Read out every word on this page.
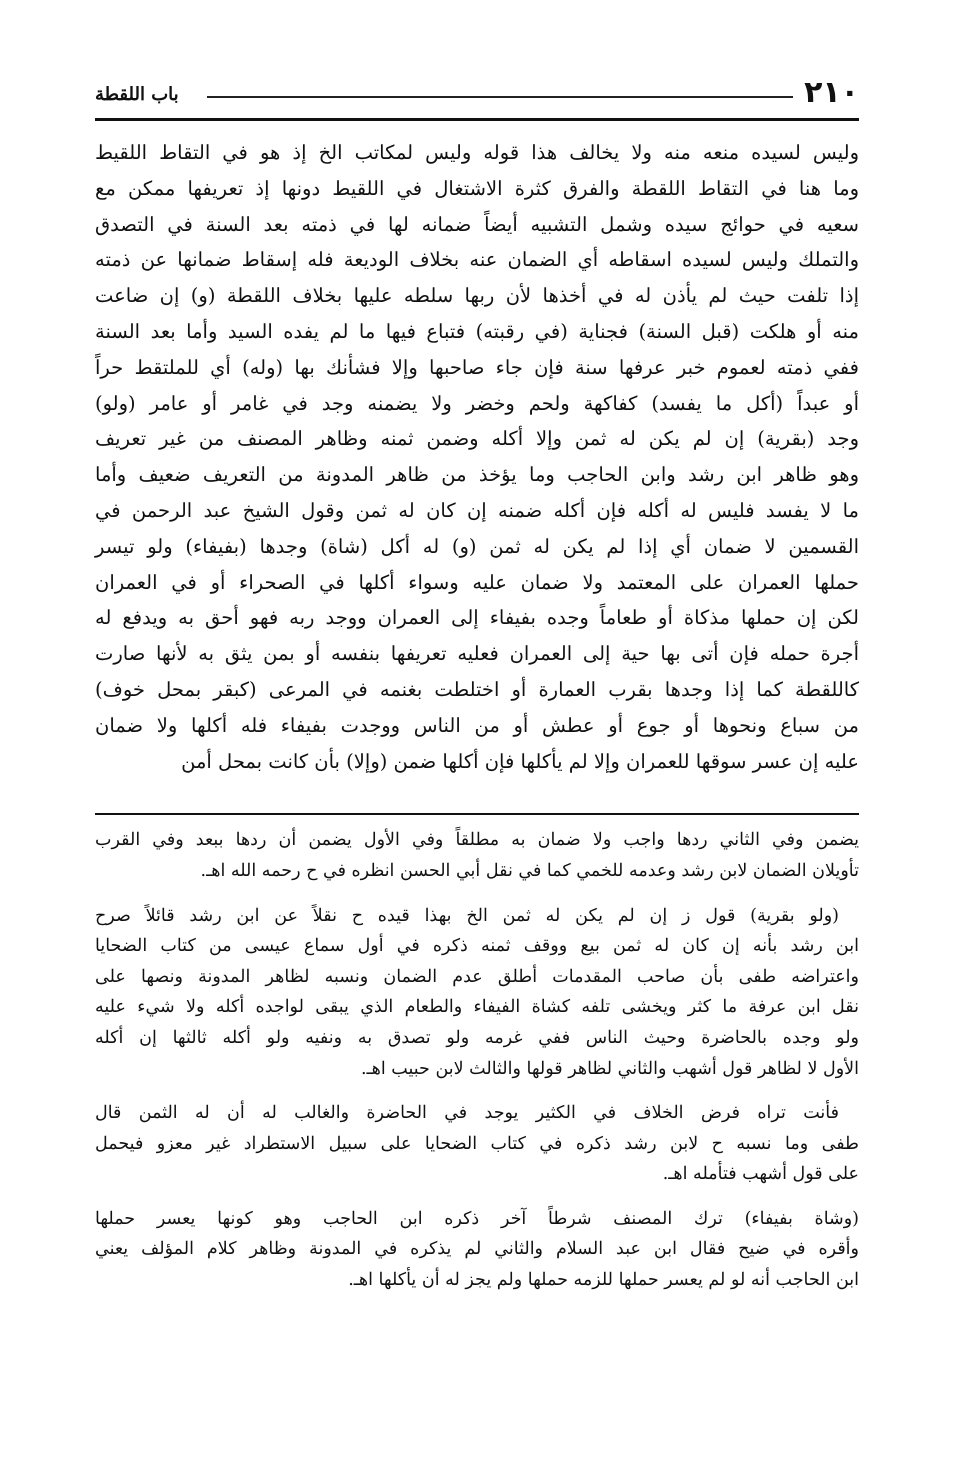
٢١٠
باب اللقطة

وليس لسيده منعه منه ولا يخالف هذا قوله وليس لمكاتب الخ إذ هو في التقاط اللقيط

وما هنا في التقاط اللقطة والفرق كثرة الاشتغال في اللقيط دونها إذ تعريفها ممكن مع

سعيه في حوائج سيده وشمل التشبيه أيضاً ضمانه لها في ذمته بعد السنة في التصدق

والتملك وليس لسيده اسقاطه أي الضمان عنه بخلاف الوديعة فله إسقاط ضمانها عن ذمته

إذا تلفت حيث لم يأذن له في أخذها لأن ربها سلطه عليها بخلاف اللقطة (و) إن ضاعت

منه أو هلكت (قبل السنة) فجناية (في رقبته) فتباع فيها ما لم يفده السيد وأما بعد السنة

ففي ذمته لعموم خبر عرفها سنة فإن جاء صاحبها وإلا فشأنك بها (وله) أي للملتقط حراً

أو عبداً (أكل ما يفسد) كفاكهة ولحم وخضر ولا يضمنه وجد في غامر أو عامر (ولو)

وجد (بقرية) إن لم يكن له ثمن وإلا أكله وضمن ثمنه وظاهر المصنف من غير تعريف

وهو ظاهر ابن رشد وابن الحاجب وما يؤخذ من ظاهر المدونة من التعريف ضعيف وأما

ما لا يفسد فليس له أكله فإن أكله ضمنه إن كان له ثمن وقول الشيخ عبد الرحمن في

القسمين لا ضمان أي إذا لم يكن له ثمن (و) له أكل (شاة) وجدها (بفيفاء) ولو تيسر

حملها العمران على المعتمد ولا ضمان عليه وسواء أكلها في الصحراء أو في العمران

لكن إن حملها مذكاة أو طعاماً وجده بفيفاء إلى العمران ووجد ربه فهو أحق به ويدفع له

أجرة حمله فإن أتى بها حية إلى العمران فعليه تعريفها بنفسه أو بمن يثق به لأنها صارت

كاللقطة كما إذا وجدها بقرب العمارة أو اختلطت بغنمه في المرعى (كبقر بمحل خوف)

من سباع ونحوها أو جوع أو عطش أو من الناس ووجدت بفيفاء فله أكلها ولا ضمان

عليه إن عسر سوقها للعمران وإلا لم يأكلها فإن أكلها ضمن (وإلا) بأن كانت بمحل أمن

يضمن وفي الثاني ردها واجب ولا ضمان به مطلقاً وفي الأول يضمن أن ردها ببعد وفي القرب
تأويلان الضمان لابن رشد وعدمه للخمي كما في نقل أبي الحسن انظره في ح رحمه الله اهـ.
(ولو بقرية) قول ز إن لم يكن له ثمن الخ بهذا قيده ح نقلاً عن ابن رشد قائلاً صرح
ابن رشد بأنه إن كان له ثمن بيع ووقف ثمنه ذكره في أول سماع عيسى من كتاب الضحايا
واعتراضه طفى بأن صاحب المقدمات أطلق عدم الضمان ونسبه لظاهر المدونة ونصها على
نقل ابن عرفة ما كثر ويخشى تلفه كشاة الفيفاء والطعام الذي يبقى لواجده أكله ولا شيء عليه
ولو وجده بالحاضرة وحيث الناس ففي غرمه ولو تصدق به ونفيه ولو أكله ثالثها إن أكله
الأول لا لظاهر قول أشهب والثاني لظاهر قولها والثالث لابن حبيب اهـ.
فأنت تراه فرض الخلاف في الكثير يوجد في الحاضرة والغالب له أن له الثمن قال
طفى وما نسبه ح لابن رشد ذكره في كتاب الضحايا على سبيل الاستطراد غير معزو فيحمل
على قول أشهب فتأمله اهـ.
(وشاة بفيفاء) ترك المصنف شرطاً آخر ذكره ابن الحاجب وهو كونها يعسر حملها
وأقره في ضيح فقال ابن عبد السلام والثاني لم يذكره في المدونة وظاهر كلام المؤلف يعني
ابن الحاجب أنه لو لم يعسر حملها للزمه حملها ولم يجز له أن يأكلها اهـ.
